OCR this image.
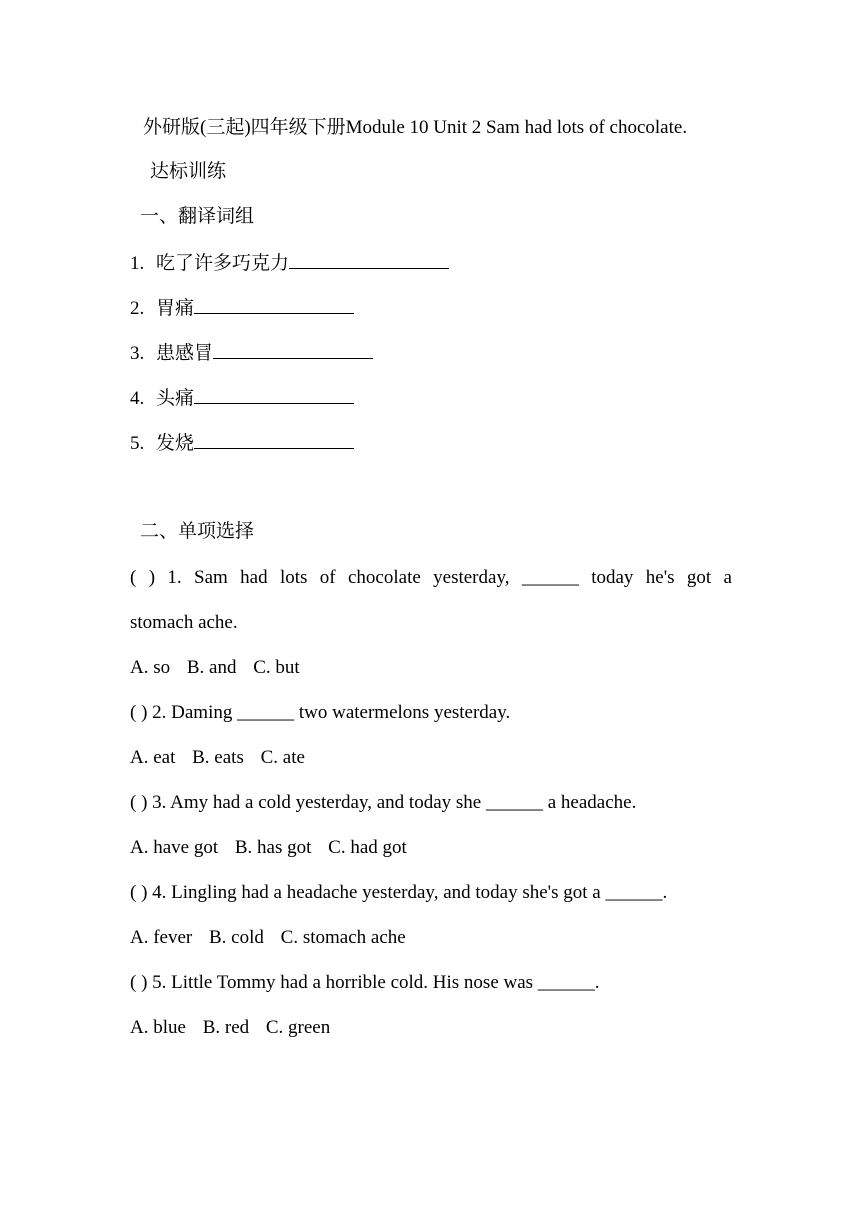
外研版(三起)四年级下册Module 10 Unit 2 Sam had lots of chocolate.
达标训练
一、翻译词组
1. 吃了许多巧克力
2. 胃痛
3. 患感冒
4. 头痛
5. 发烧
二、单项选择
( ) 1. Sam had lots of chocolate yesterday, ______ today he's got a
stomach ache.
A. so B. and C. but
( ) 2. Daming ______ two watermelons yesterday.
A. eat B. eats C. ate
( ) 3. Amy had a cold yesterday, and today she ______ a headache.
A. have got B. has got C. had got
( ) 4. Lingling had a headache yesterday, and today she's got a ______.
A. fever B. cold C. stomach ache
( ) 5. Little Tommy had a horrible cold. His nose was ______.
A. blue B. red C. green
